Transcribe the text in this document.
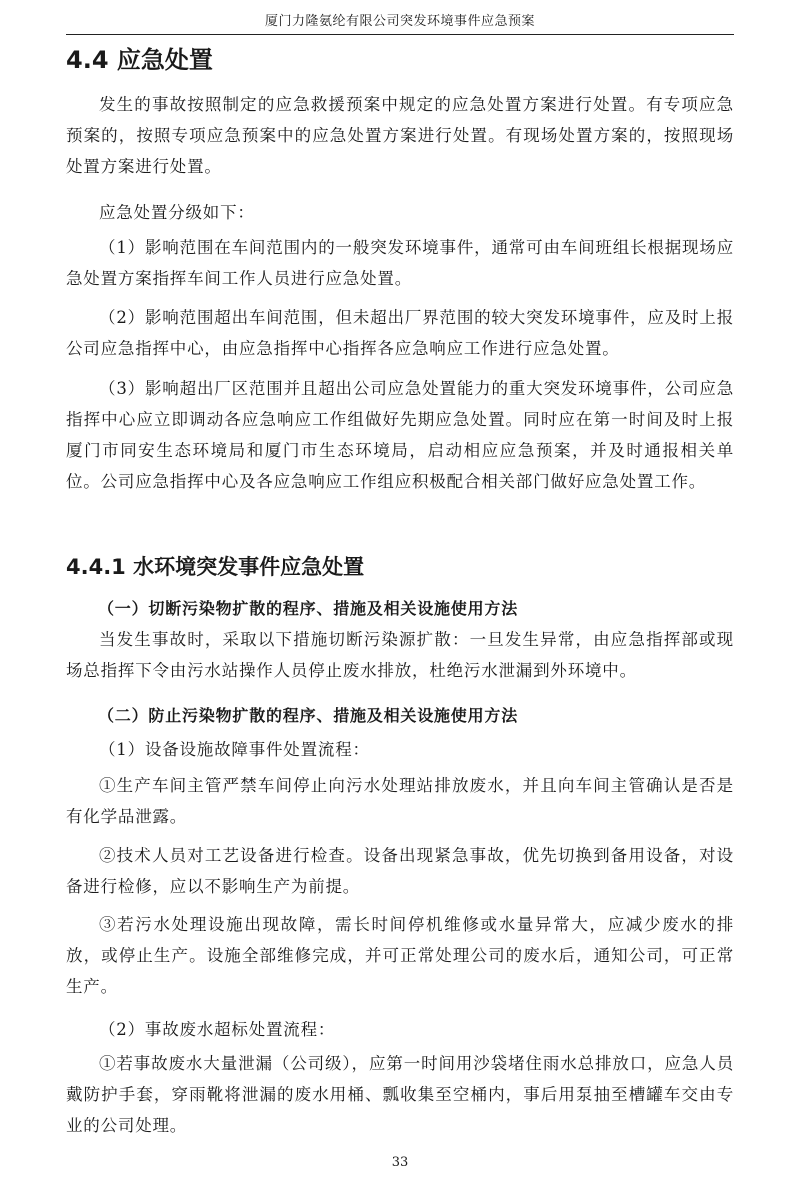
厦门力隆氨纶有限公司突发环境事件应急预案
4.4 应急处置

发生的事故按照制定的应急救援预案中规定的应急处置方案进行处置。有专项应急预案的，按照专项应急预案中的应急处置方案进行处置。有现场处置方案的，按照现场处置方案进行处置。

应急处置分级如下：

（1）影响范围在车间范围内的一般突发环境事件，通常可由车间班组长根据现场应急处置方案指挥车间工作人员进行应急处置。

（2）影响范围超出车间范围，但未超出厂界范围的较大突发环境事件，应及时上报公司应急指挥中心，由应急指挥中心指挥各应急响应工作进行应急处置。

（3）影响超出厂区范围并且超出公司应急处置能力的重大突发环境事件，公司应急指挥中心应立即调动各应急响应工作组做好先期应急处置。同时应在第一时间及时上报厦门市同安生态环境局和厦门市生态环境局，启动相应应急预案，并及时通报相关单位。公司应急指挥中心及各应急响应工作组应积极配合相关部门做好应急处置工作。

4.4.1 水环境突发事件应急处置

（一）切断污染物扩散的程序、措施及相关设施使用方法

当发生事故时，采取以下措施切断污染源扩散：一旦发生异常，由应急指挥部或现场总指挥下令由污水站操作人员停止废水排放，杜绝污水泄漏到外环境中。

（二）防止污染物扩散的程序、措施及相关设施使用方法

（1）设备设施故障事件处置流程：

①生产车间主管严禁车间停止向污水处理站排放废水，并且向车间主管确认是否是有化学品泄露。

②技术人员对工艺设备进行检查。设备出现紧急事故，优先切换到备用设备，对设备进行检修，应以不影响生产为前提。

③若污水处理设施出现故障，需长时间停机维修或水量异常大，应减少废水的排放，或停止生产。设施全部维修完成，并可正常处理公司的废水后，通知公司，可正常生产。

（2）事故废水超标处置流程：

①若事故废水大量泄漏（公司级），应第一时间用沙袋堵住雨水总排放口，应急人员戴防护手套，穿雨靴将泄漏的废水用桶、瓢收集至空桶内，事后用泵抽至槽罐车交由专业的公司处理。

33
